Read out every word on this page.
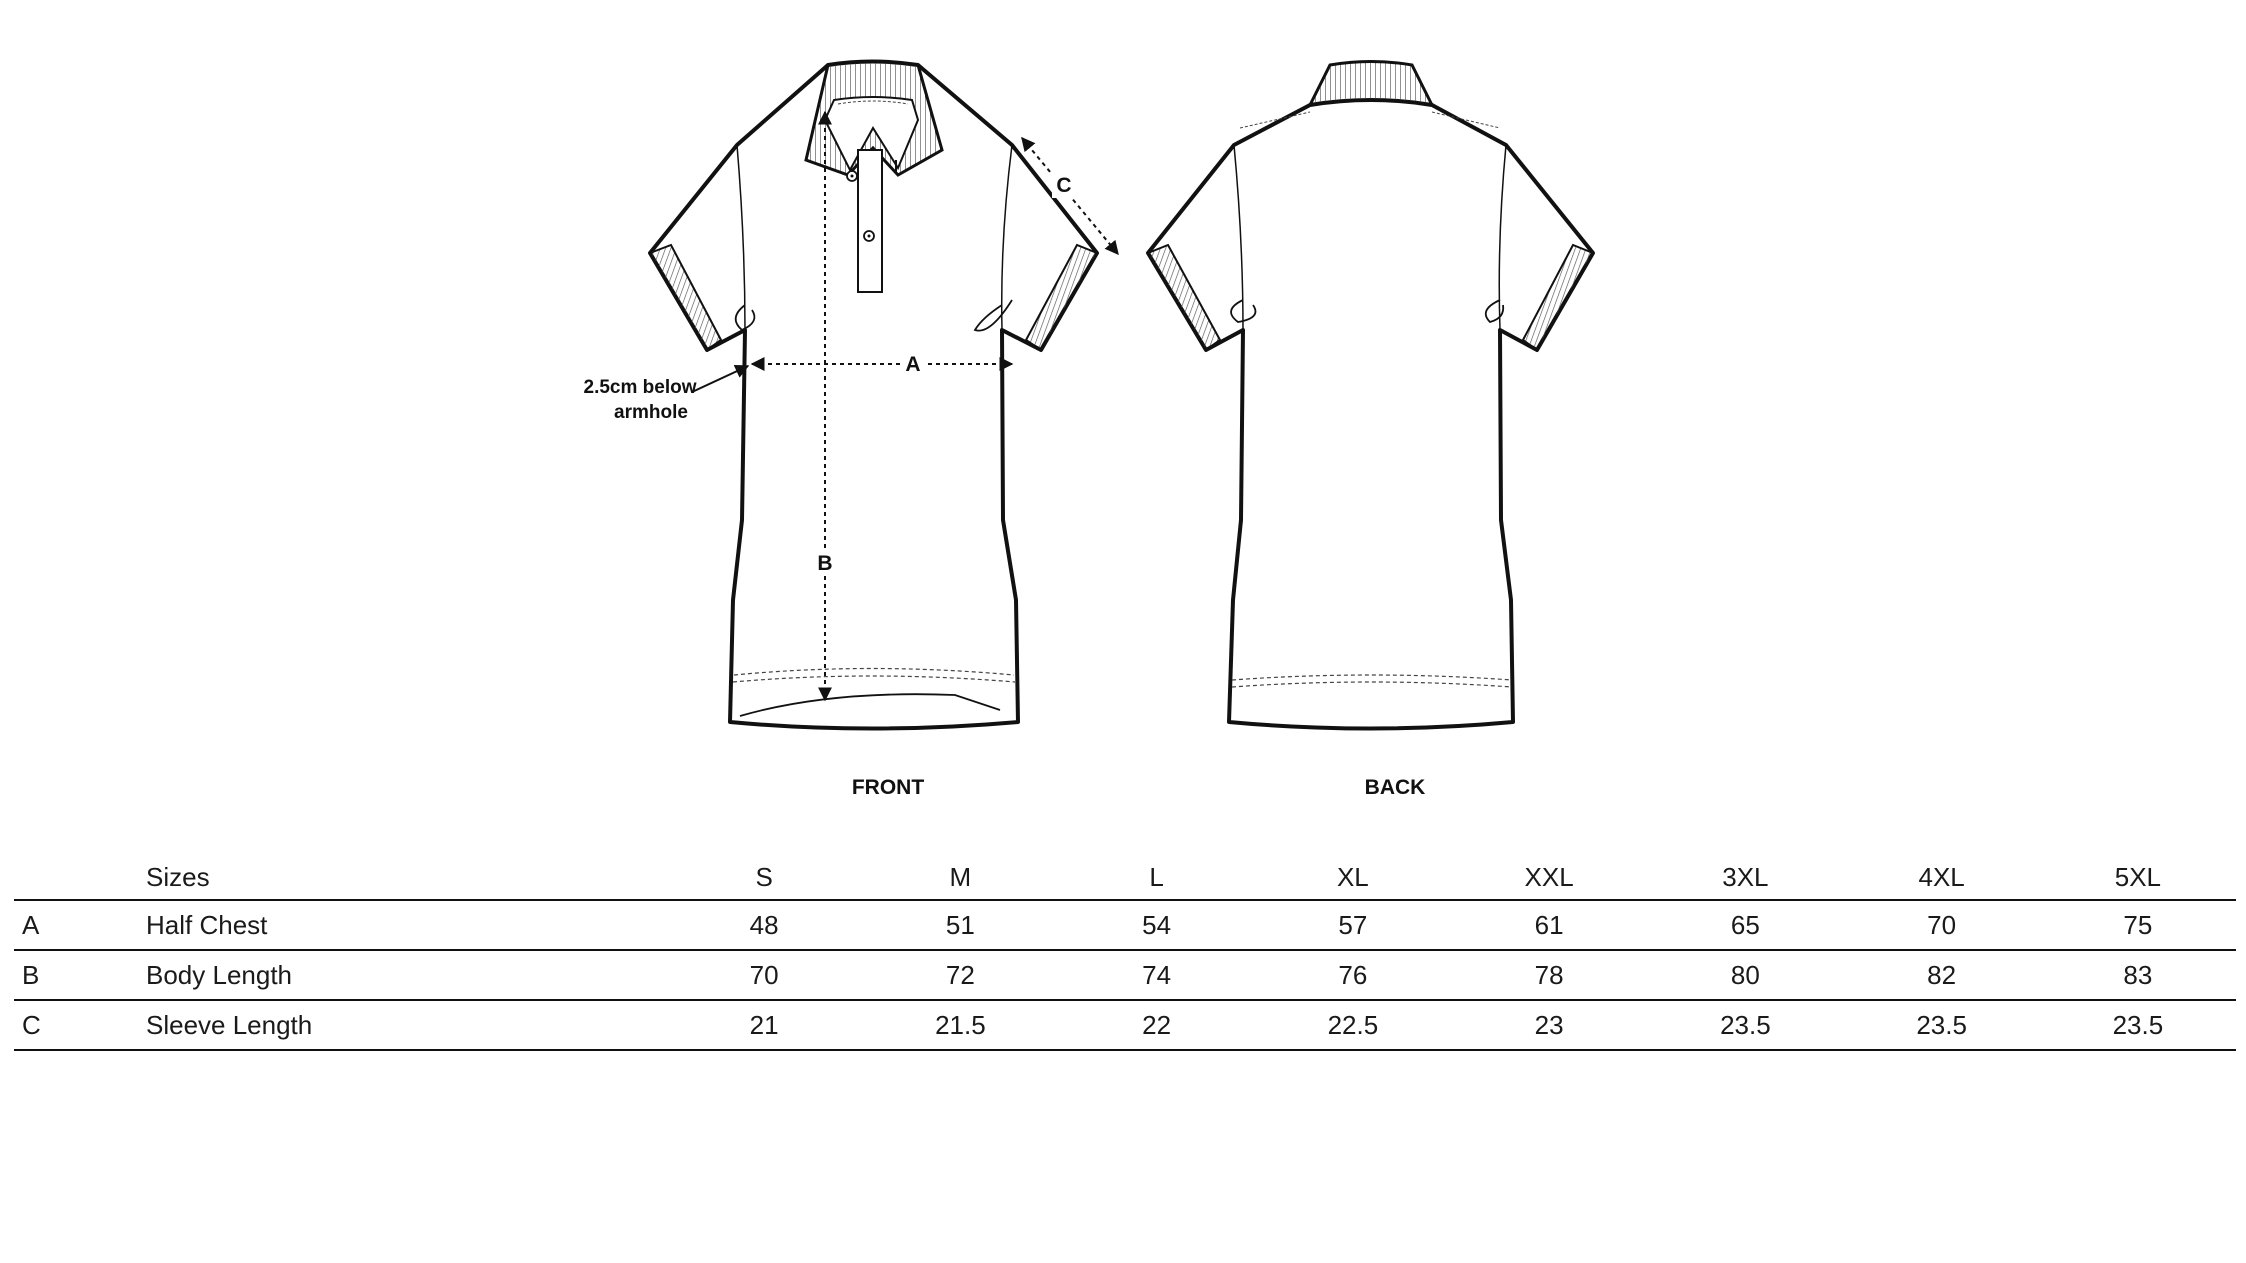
A
B
C
2.5cm below
armhole
FRONT	BACK
	Sizes	S	M	L	XL	XXL	3XL	4XL	5XL
A	Half Chest	48	51	54	57	61	65	70	75
B	Body Length	70	72	74	76	78	80	82	83
C	Sleeve Length	21	21.5	22	22.5	23	23.5	23.5	23.5
